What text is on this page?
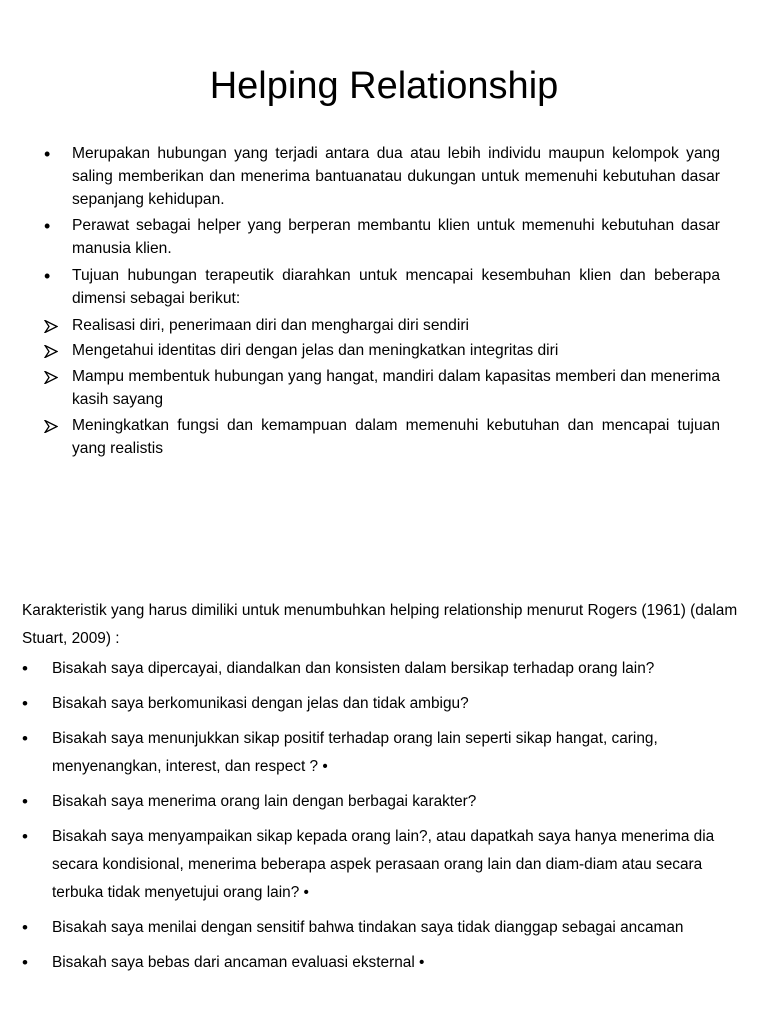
Helping Relationship
•	Merupakan hubungan yang terjadi antara dua atau lebih individu maupun kelompok yang saling memberikan dan menerima bantuanatau dukungan untuk memenuhi kebutuhan dasar sepanjang kehidupan.
•	Perawat sebagai helper yang berperan membantu klien untuk memenuhi kebutuhan dasar manusia klien.
•	Tujuan hubungan terapeutik diarahkan untuk mencapai kesembuhan klien dan beberapa dimensi sebagai berikut:
Realisasi diri, penerimaan diri dan menghargai diri sendiri
Mengetahui identitas diri dengan jelas dan meningkatkan integritas diri
Mampu membentuk hubungan yang hangat, mandiri dalam kapasitas memberi dan menerima kasih sayang
Meningkatkan fungsi dan kemampuan dalam memenuhi kebutuhan dan mencapai tujuan yang realistis

Karakteristik yang harus dimiliki untuk menumbuhkan helping relationship menurut Rogers (1961) (dalam Stuart, 2009) :

• Bisakah saya dipercayai, diandalkan dan konsisten dalam bersikap terhadap orang lain?
• Bisakah saya berkomunikasi dengan jelas dan tidak ambigu?
• Bisakah saya menunjukkan sikap positif terhadap orang lain seperti sikap hangat, caring, menyenangkan, interest, dan respect ? •
• Bisakah saya menerima orang lain dengan berbagai karakter?
• Bisakah saya menyampaikan sikap kepada orang lain?, atau dapatkah saya hanya menerima dia secara kondisional, menerima beberapa aspek perasaan orang lain dan diam-diam atau secara terbuka tidak menyetujui orang lain? •
• Bisakah saya menilai dengan sensitif bahwa tindakan saya tidak dianggap sebagai ancaman
• Bisakah saya bebas dari ancaman evaluasi eksternal •
